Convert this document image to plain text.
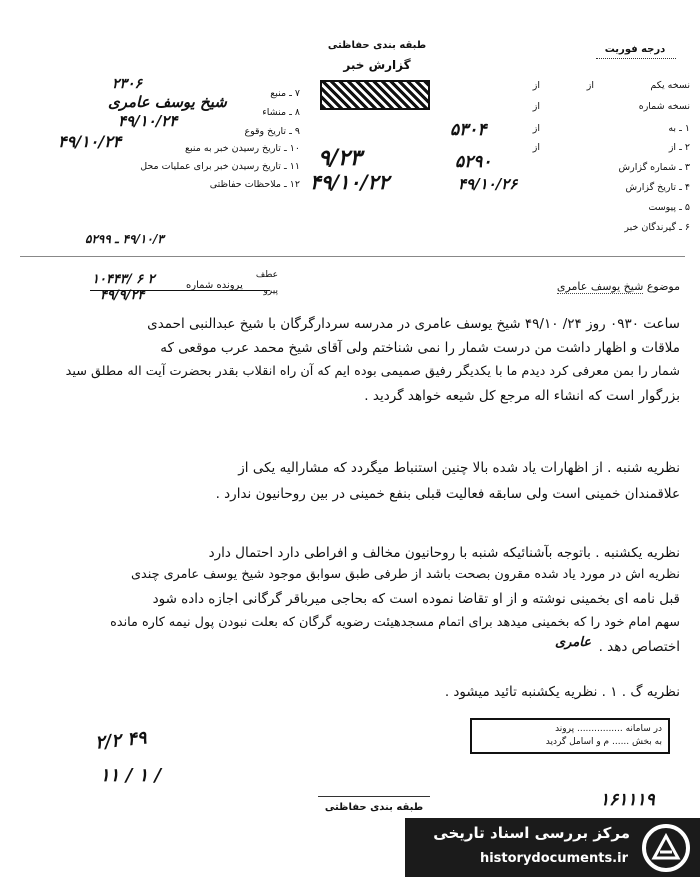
طبقه بندی حفاظتی
گزارش خبر
درجه فوریت
نسخه یکم
از
از
نسخه شماره
از
۱ ـ به
از
۲ ـ از
از
۳ ـ شماره گزارش
۴ ـ تاریخ گزارش
۵ ـ پیوست
۶ ـ گیرندگان خبر
۷ ـ منبع
۸ ـ منشاء
۹ ـ تاریخ وقوع
۱۰ ـ تاریخ رسیدن خبر به منبع
۱۱ ـ تاریخ رسیدن خبر برای عملیات محل
۱۲ ـ ملاحظات حفاظتی
۲۳۰۶
شیخ یوسف عامری
۴۹/۱۰/۲۴
۴۹/۱۰/۲۴
۵۳۰۴
۵۲۹۰
۴۹/۱۰/۲۶
۹/۲۳
۴۹/۱۰/۲۲
۴۹/۱۰/۳ ـ ۵۲۹۹
عطف
پیرو
پرونده شماره
۱۰۴۴۳/ ۶ ۲
۴۹/۹/۲۴
موضوع شیخ یوسف عامری
ساعت ۰۹۳۰ روز ۲۴/ ۴۹/۱۰ شیخ یوسف عامری در مدرسه سردارگرگان با شیخ عبدالنبی احمدی
ملاقات و اظهار داشت من درست شمار را نمی شناختم ولی آقای شیخ محمد عرب موقعی که
شمار را بمن معرفی کرد دیدم ما با یکدیگر رفیق صمیمی بوده ایم که آن راه انقلاب بقدر بحضرت آیت اله مطلق سید
بزرگوار است که انشاء اله مرجع کل شیعه خواهد گردید .
نظریه شنبه . از اظهارات یاد شده بالا چنین استنباط میگردد که مشارالیه یکی از
علاقمندان خمینی است ولی سابقه فعالیت قبلی بنفع خمینی در بین روحانیون ندارد .
نظریه یکشنبه . باتوجه بآشنائیکه شنبه با روحانیون مخالف و افراطی دارد احتمال دارد
نظریه اش در مورد یاد شده مقرون بصحت باشد از طرفی طبق سوابق موجود شیخ یوسف عامری چندی
قبل نامه ای بخمینی نوشته و از او تقاضا نموده است که بحاجی میرباقر گرگانی اجازه داده شود
سهم امام خود را که بخمینی میدهد برای اتمام مسجدهیئت رضویه گرگان که بعلت نبودن پول نیمه کاره مانده
اختصاص دهد .
عامری
نظریه گ . ۱ . نظریه یکشنبه تائید میشود .
در سامانه ................ پروند
به بخش ...... م و اسامل گردید
۲/۲ ۴۹
۱۱ / ۱ /
طبقه بندی حفاظتی	۱۶۱۱۱۹
مرکز بررسی اسناد تاریخی
historydocuments.ir
